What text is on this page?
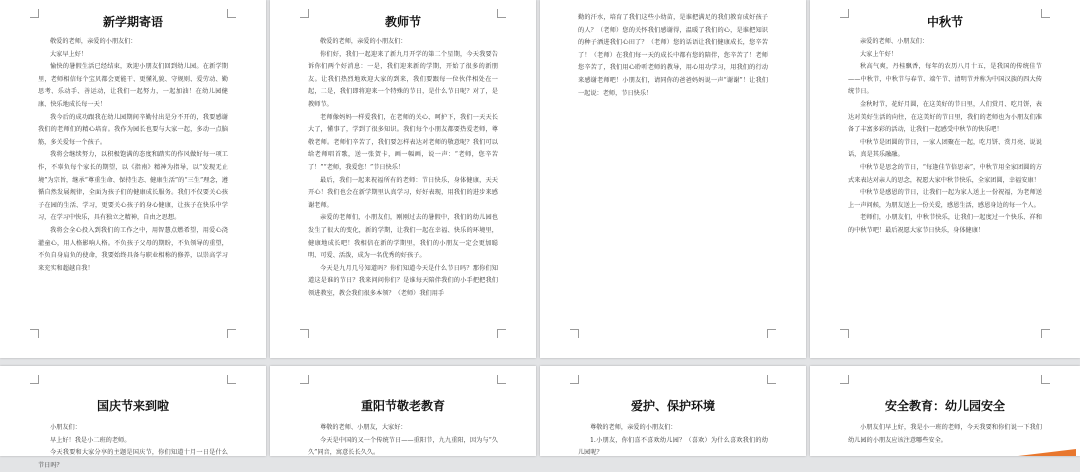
新学期寄语

敬爱的老师，亲爱的小朋友们：

大家早上好！

愉快的暑假生活已经结束，欢迎小朋友们回到幼儿园。在新学期里，老师相信每个宝贝都会更能干、更懂礼貌、守规则、爱劳动、勤思考、乐动手、善运动，让我们一起努力，一起加油！在幼儿园健康、快乐地成长每一天！

我今后的成功跟我在幼儿园期间辛勤付出是分不开的，我要感谢我们的老师们的精心培育。我作为园长也要与大家一起，多动一点脑筋，多关爱每一个孩子。

我将会继续努力，以积极饱满的态度和踏实的作风做好每一项工作，不辜负每个家长的期望，以《指南》精神为指导，以“发现无止境”为宗旨，继承“尊重生命、保持生态、健康生活”的“三生”理念，遵循自然发展规律，全面为孩子们的健康成长服务。我们不仅要关心孩子在园的生活、学习，更要关心孩子的身心健康，让孩子在快乐中学习，在学习中快乐，具有独立之精神，自由之思想。

我将会全心投入到我们的工作之中，用智慧点燃希望，用爱心浇灌童心，用人格影响人格。不负孩子父母的期盼，不负领导的重望，不负自身肩负的使命，我要始终具备与职业相称的修养，以崇高学习来充实和超越自我！

教师节

敬爱的老师，亲爱的小朋友们：

你们好，我们一起迎来了新九月开学的第二个星期，今天我要告诉你们两个好消息：一是，我们迎来新的学期，开始了很多的新朋友。让我们热烈地欢迎大家的到来，我们要跟每一位伙伴相处在一起，二是，我们即将迎来一个特殊的节日，是什么节日呢？对了，是教师节。

老师像妈妈一样爱我们，在老师的关心、呵护下，我们一天天长大了，懂事了，学到了很多知识。我们每个小朋友都要热爱老师，尊敬老师。老师们辛苦了，我们要怎样表达对老师的敬意呢？我们可以给老师唱首歌，送一张贺卡，画一幅画，说一声：“老师，您辛苦了！”“老师，我爱您！”节日快乐！

最后，我们一起来祝福所有的老师：节日快乐，身体健康，天天开心！我们也会在新学期里认真学习，好好表现，用我们的进步来感谢老师。

亲爱的老师们，小朋友们，刚刚过去的暑假中，我们的幼儿园也发生了很大的变化，新的学期，让我们一起在幸福、快乐的环境里，健康地成长吧！我相信在新的学期里，我们的小朋友一定会更加聪明、可爱、活泼，成为一名优秀的好孩子。

今天是九月几号知道吗？你们知道今天是什么节日吗？那你们知道这是谁的节日？我来问问你们？是谁每天陪伴我们的小手把把我们领进教室，教会我们很多本领？（老师）我们用手

勤的汗水，培育了我们这些小幼苗，是谁把满足的我们教育成好孩子的人？（老师）您的关怀我们感谢得，温暖了我们的心，是谁把知识的种子洒进我们心田了？（老师）您的话语让我们健康成长，您辛苦了！（老师）在我们每一天的成长中都有您的陪伴，您辛苦了！老师您辛苦了，我们用心聆听老师的教导，用心用功学习，用我们的行动来感谢老师吧！小朋友们，请同你的爸爸妈妈说一声“谢谢”！让我们一起说：老师，节日快乐！

中秋节

亲爱的老师、小朋友们：

大家上午好！

秋高气爽，丹桂飘香，每年的农历八月十五，是我国的传统佳节——中秋节，中秋节与春节、端午节、清明节并称为中国汉族的四大传统节日。

金秋时节，花好月圆，在这美好的节日里，人们赏月、吃月饼，表达对美好生活的向往，在这美好的节日里，我们的老师也为小朋友们准备了丰富多彩的活动，让我们一起感受中秋节的快乐吧！

中秋节是团圆的节日，一家人团聚在一起，吃月饼、赏月亮、说说话，真是其乐融融。

中秋节是思念的节日，“每逢佳节倍思亲”，中秋节用全家团圆的方式来表达对亲人的思念，祝愿大家中秋节快乐，全家团圆，幸福安康！

中秋节是感恩的节日，让我们一起为家人送上一份祝福，为老师送上一声问候，为朋友送上一份关爱，感恩生活，感恩身边的每一个人。

老师们，小朋友们，中秋节快乐，让我们一起度过一个快乐、祥和的中秋节吧！最后祝愿大家节日快乐，身体健康！

国庆节来到啦

小朋友们：

早上好！我是小二班的老师。

今天我要和大家分享的主题是国庆节，你们知道十月一日是什么节日吗？

重阳节敬老教育

尊敬的老师、小朋友，大家好：

今天是中国的又一个传统节日——重阳节，九九重阳，因为与“久久”同音，寓意长长久久。

爱护、保护环境

尊敬的老师，亲爱的小朋友们：

1.小朋友，你们喜不喜欢幼儿园？（喜欢）为什么喜欢我们的幼儿园呢？

安全教育：幼儿园安全

小朋友们早上好，我是小一班的老师，今天我要和你们说一下我们幼儿园的小朋友应该注意哪些安全。
